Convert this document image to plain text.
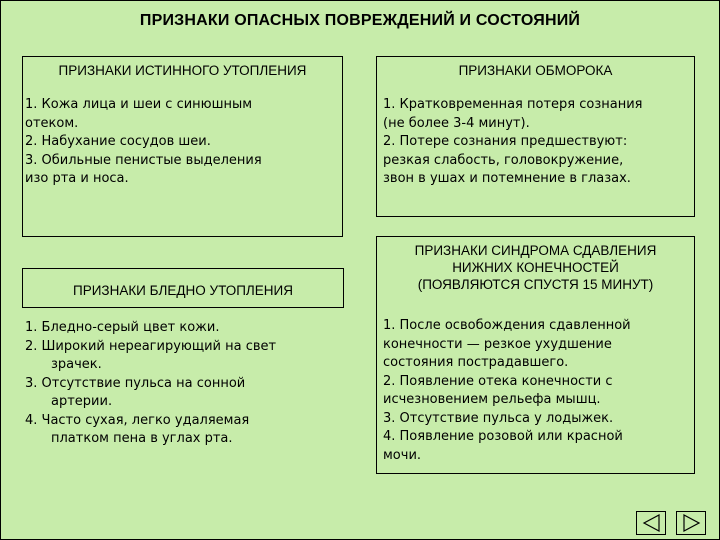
ПРИЗНАКИ ОПАСНЫХ ПОВРЕЖДЕНИЙ И СОСТОЯНИЙ
ПРИЗНАКИ ИСТИННОГО УТОПЛЕНИЯ
1. Кожа лица и шеи с синюшным
отеком.
2. Набухание сосудов шеи.
3. Обильные пенистые выделения
изо рта и носа.
ПРИЗНАКИ ОБМОРОКА
1. Кратковременная потеря сознания
(не более 3-4 минут).
2. Потере сознания предшествуют:
резкая слабость, головокружение,
звон в ушах и потемнение в глазах.
ПРИЗНАКИ БЛЕДНО УТОПЛЕНИЯ
1. Бледно-серый цвет кожи.
2. Широкий нереагирующий на свет
зрачек.
3. Отсутствие пульса на сонной
артерии.
4. Часто сухая, легко удаляемая
платком пена в углах рта.
ПРИЗНАКИ СИНДРОМА СДАВЛЕНИЯ
НИЖНИХ КОНЕЧНОСТЕЙ
(ПОЯВЛЯЮТСЯ СПУСТЯ 15 МИНУТ)
1. После освобождения сдавленной
конечности — резкое ухудшение
состояния пострадавшего.
2. Появление отека конечности с
исчезновением рельефа мышц.
3. Отсутствие пульса у лодыжек.
4. Появление розовой или красной
мочи.
